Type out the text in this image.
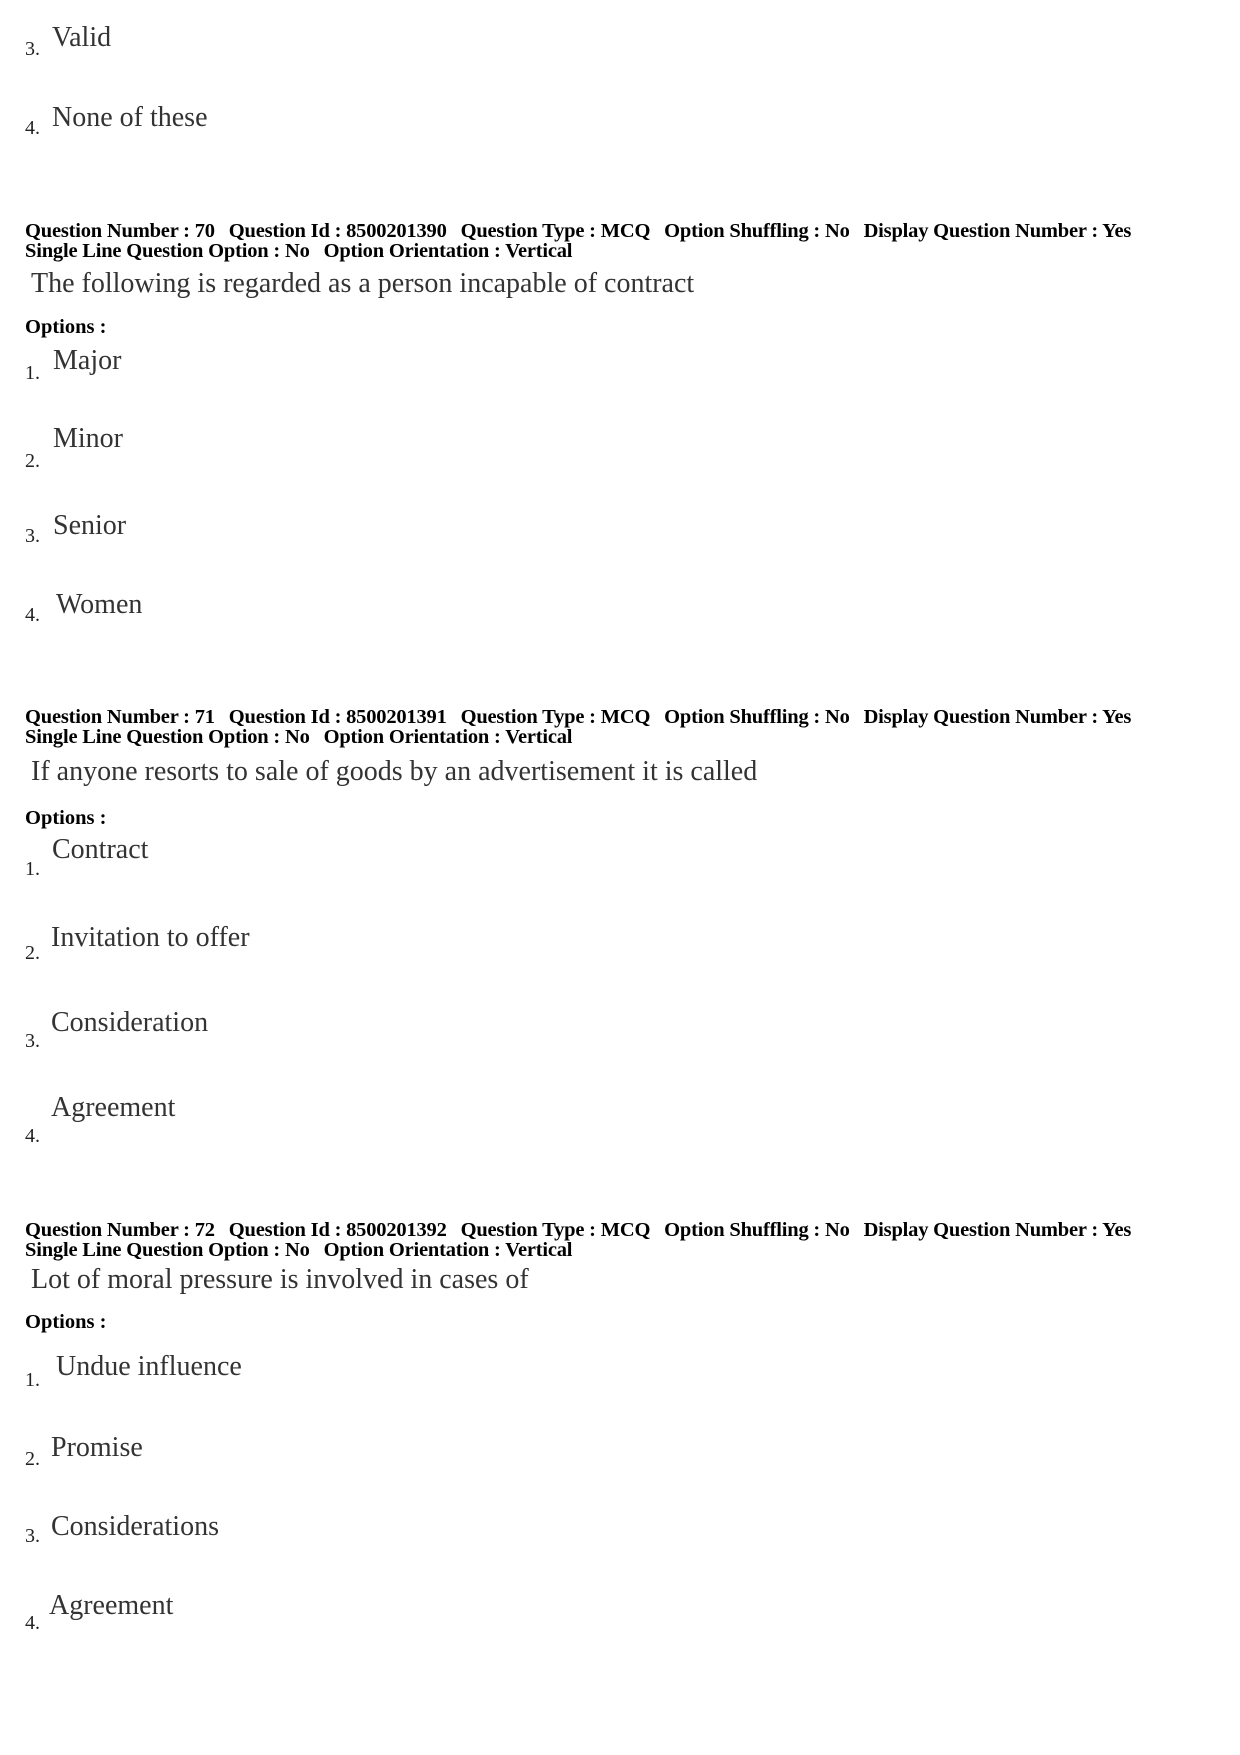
3. Valid
4. None of these
Question Number : 70 Question Id : 8500201390 Question Type : MCQ Option Shuffling : No Display Question Number : Yes
Single Line Question Option : No Option Orientation : Vertical
The following is regarded as a person incapable of contract
Options :
1. Major
2.
Minor
3. Senior
4. Women
Question Number : 71 Question Id : 8500201391 Question Type : MCQ Option Shuffling : No Display Question Number : Yes
Single Line Question Option : No Option Orientation : Vertical
If anyone resorts to sale of goods by an advertisement it is called
Options :
1.
Contract
2. Invitation to offer
3.
Consideration
4.
Agreement
Question Number : 72 Question Id : 8500201392 Question Type : MCQ Option Shuffling : No Display Question Number : Yes
Single Line Question Option : No Option Orientation : Vertical
Lot of moral pressure is involved in cases of
Options :
1. Undue influence
2. Promise
3. Considerations
4.
Agreement
